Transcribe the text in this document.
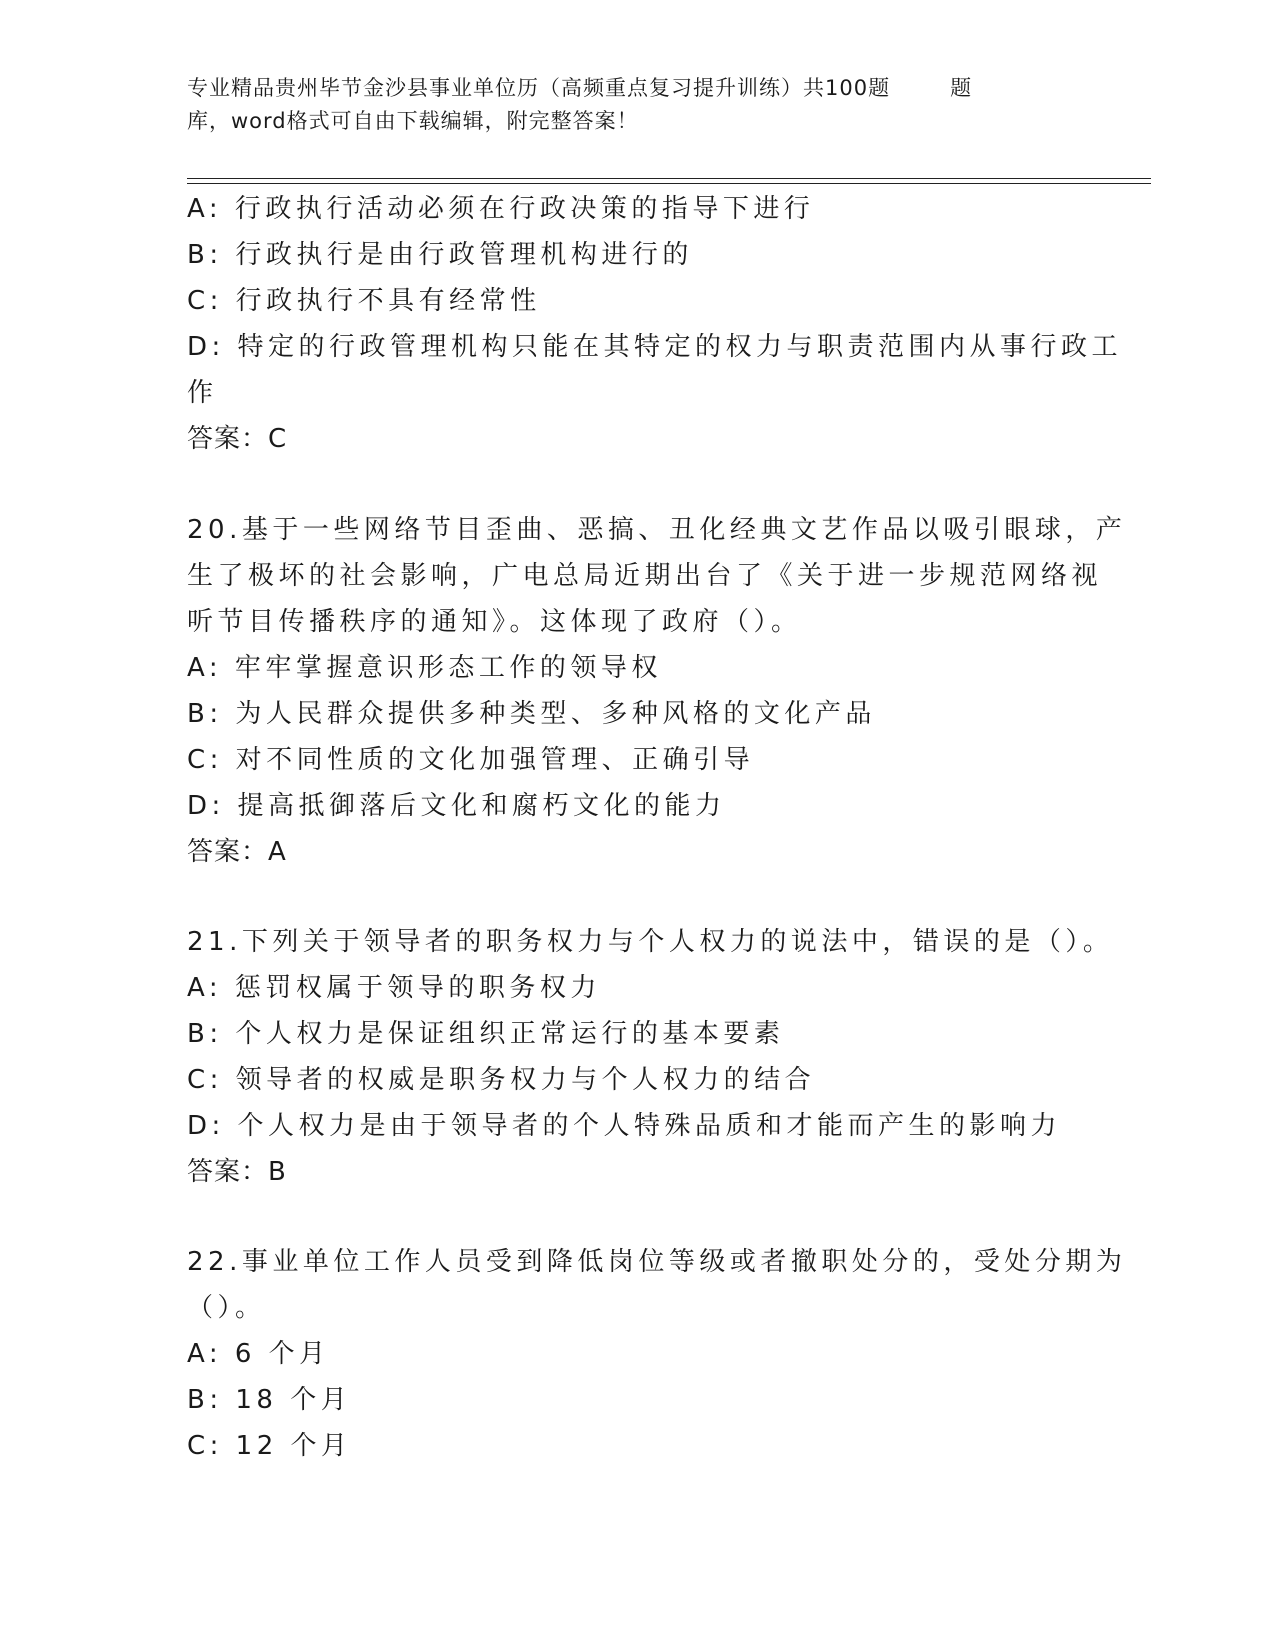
专业精品贵州毕节金沙县事业单位历（高频重点复习提升训练）共100题	题
库，word格式可自由下载编辑，附完整答案！
A: 行政执行活动必须在行政决策的指导下进行
B: 行政执行是由行政管理机构进行的
C: 行政执行不具有经常性
D: 特定的行政管理机构只能在其特定的权力与职责范围内从事行政工
作
答案：C
20.基于一些网络节目歪曲、恶搞、丑化经典文艺作品以吸引眼球，产
生了极坏的社会影响，广电总局近期出台了《关于进一步规范网络视
听节目传播秩序的通知》。这体现了政府（）。
A: 牢牢掌握意识形态工作的领导权
B: 为人民群众提供多种类型、多种风格的文化产品
C: 对不同性质的文化加强管理、正确引导
D: 提高抵御落后文化和腐朽文化的能力
答案：A
21.下列关于领导者的职务权力与个人权力的说法中，错误的是（）。
A: 惩罚权属于领导的职务权力
B: 个人权力是保证组织正常运行的基本要素
C: 领导者的权威是职务权力与个人权力的结合
D: 个人权力是由于领导者的个人特殊品质和才能而产生的影响力
答案：B
22.事业单位工作人员受到降低岗位等级或者撤职处分的，受处分期为
（）。
A: 6 个月
B: 18 个月
C: 12 个月
